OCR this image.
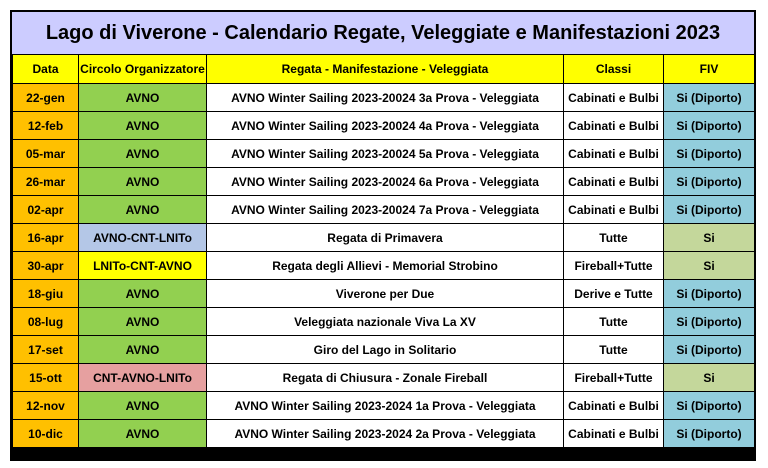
Lago di Viverone - Calendario Regate, Veleggiate e Manifestazioni 2023
Data	Circolo Organizzatore	Regata - Manifestazione - Veleggiata	Classi	FIV
22-gen	AVNO	AVNO Winter Sailing 2023-20024 3a Prova - Veleggiata	Cabinati e Bulbi	Si (Diporto)
12-feb	AVNO	AVNO Winter Sailing 2023-20024 4a Prova - Veleggiata	Cabinati e Bulbi	Si (Diporto)
05-mar	AVNO	AVNO Winter Sailing 2023-20024 5a Prova - Veleggiata	Cabinati e Bulbi	Si (Diporto)
26-mar	AVNO	AVNO Winter Sailing 2023-20024 6a Prova - Veleggiata	Cabinati e Bulbi	Si (Diporto)
02-apr	AVNO	AVNO Winter Sailing 2023-20024 7a Prova - Veleggiata	Cabinati e Bulbi	Si (Diporto)
16-apr	AVNO-CNT-LNITo	Regata di Primavera	Tutte	Si
30-apr	LNITo-CNT-AVNO	Regata degli Allievi - Memorial Strobino	Fireball+Tutte	Si
18-giu	AVNO	Viverone per Due	Derive e Tutte	Si (Diporto)
08-lug	AVNO	Veleggiata nazionale Viva La XV	Tutte	Si (Diporto)
17-set	AVNO	Giro del Lago in Solitario	Tutte	Si (Diporto)
15-ott	CNT-AVNO-LNITo	Regata di Chiusura - Zonale Fireball	Fireball+Tutte	Si
12-nov	AVNO	AVNO Winter Sailing 2023-2024 1a Prova - Veleggiata	Cabinati e Bulbi	Si (Diporto)
10-dic	AVNO	AVNO Winter Sailing 2023-2024 2a Prova - Veleggiata	Cabinati e Bulbi	Si (Diporto)
